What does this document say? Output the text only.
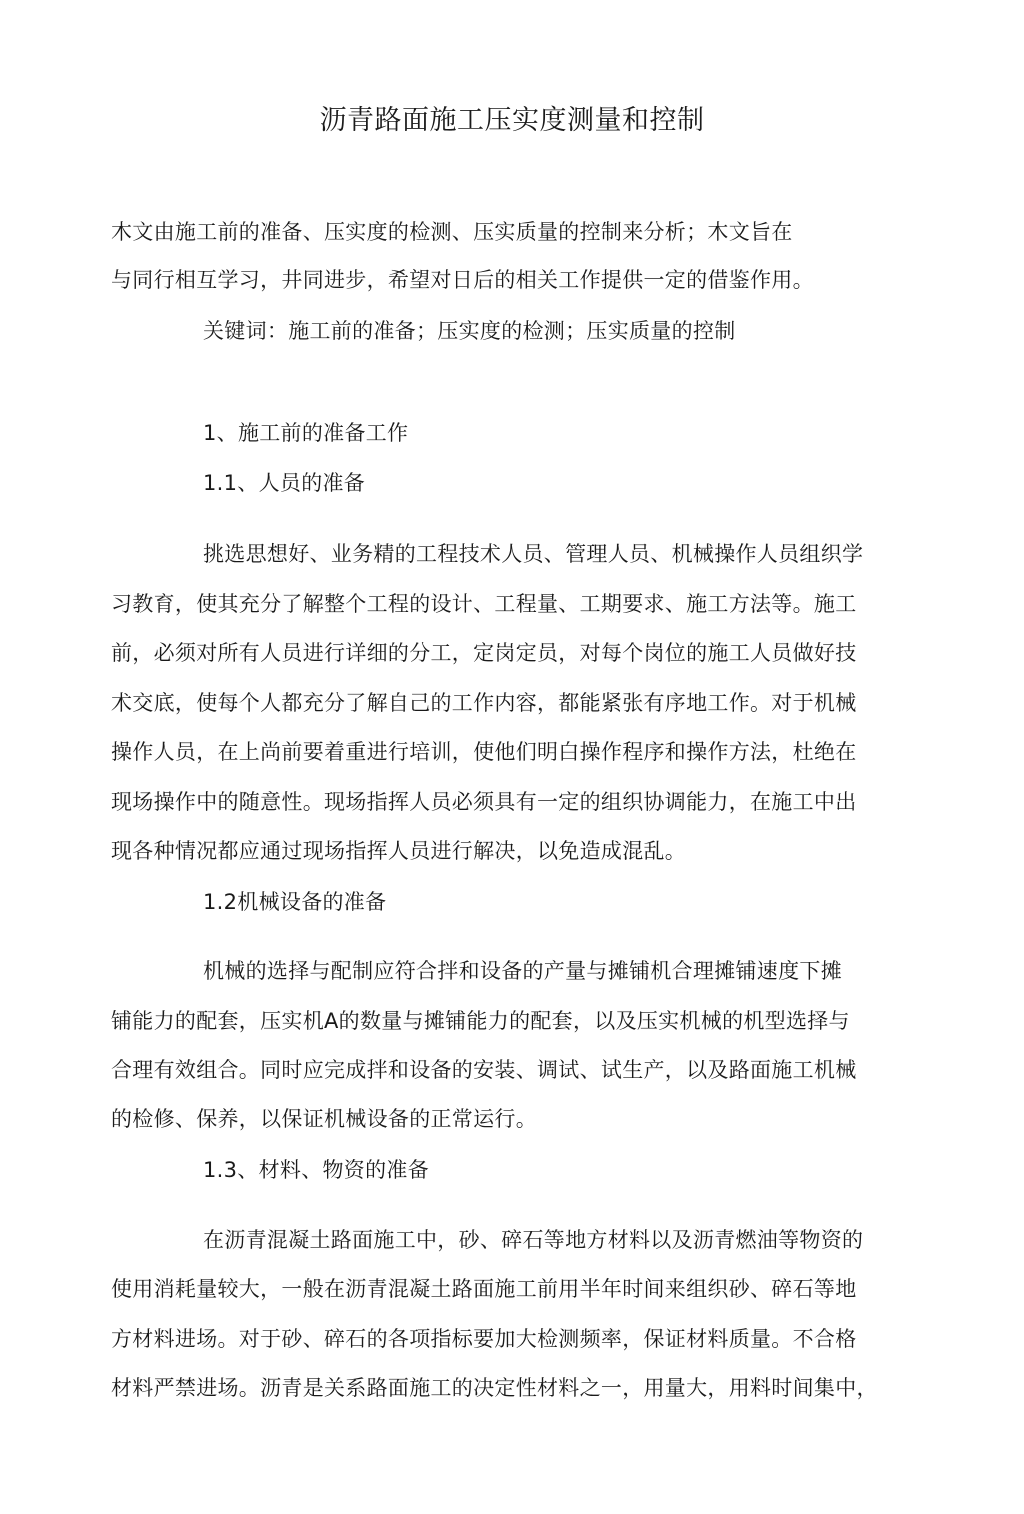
沥青路面施工压实度测量和控制
木文由施工前的准备、压实度的检测、压实质量的控制来分析；木文旨在
与同行相互学习，井同进步，希望对日后的相关工作提供一定的借鉴作用。
关键词：施工前的准备；压实度的检测；压实质量的控制
1、施工前的准备工作
1.1、人员的准备
挑选思想好、业务精的工程技术人员、管理人员、机械操作人员组织学
习教育，使其充分了解整个工程的设计、工程量、工期要求、施工方法等。施工
前，必须对所有人员进行详细的分工，定岗定员，对每个岗位的施工人员做好技
术交底，使每个人都充分了解自己的工作内容，都能紧张有序地工作。对于机械
操作人员，在上尚前要着重进行培训，使他们明白操作程序和操作方法，杜绝在
现场操作中的随意性。现场指挥人员必须具有一定的组织协调能力，在施工中出
现各种情况都应通过现场指挥人员进行解决，以免造成混乱。
1.2机械设备的准备
机械的选择与配制应符合拌和设备的产量与摊铺机合理摊铺速度下摊
铺能力的配套，压实机A的数量与摊铺能力的配套，以及压实机械的机型选择与
合理有效组合。同时应完成拌和设备的安装、调试、试生产，以及路面施工机械
的检修、保养，以保证机械设备的正常运行。
1.3、材料、物资的准备
在沥青混凝土路面施工中，砂、碎石等地方材料以及沥青燃油等物资的
使用消耗量较大，一般在沥青混凝土路面施工前用半年时间来组织砂、碎石等地
方材料进场。对于砂、碎石的各项指标要加大检测频率，保证材料质量。不合格
材料严禁进场。沥青是关系路面施工的决定性材料之一，用量大，用料时间集中，
